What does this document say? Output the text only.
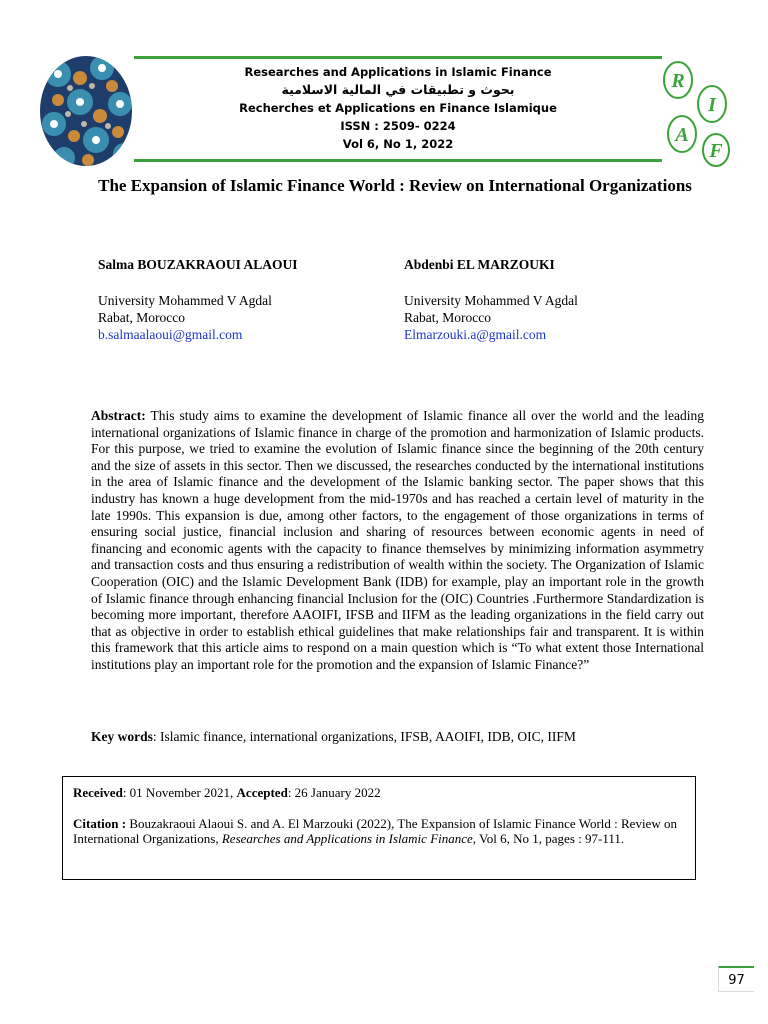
Researches and Applications in Islamic Finance
بحوث و تطبيقات في المالية الاسلامية
Recherches et Applications en Finance Islamique
ISSN : 2509- 0224
Vol 6, No 1, 2022
R
I
A
F
The Expansion of Islamic Finance World : Review on International Organizations
Salma BOUZAKRAOUI ALAOUI
University Mohammed V Agdal
Rabat, Morocco
b.salmaalaoui@gmail.com
Abdenbi EL MARZOUKI
University Mohammed V Agdal
Rabat, Morocco
Elmarzouki.a@gmail.com
Abstract: This study aims to examine the development of Islamic finance all over the world and the leading international organizations of Islamic finance in charge of the promotion and harmonization of Islamic products. For this purpose, we tried to examine the evolution of Islamic finance since the beginning of the 20th century and the size of assets in this sector. Then we discussed, the researches conducted by the international institutions in the area of Islamic finance and the development of the Islamic banking sector. The paper shows that this industry has known a huge development from the mid-1970s and has reached a certain level of maturity in the late 1990s. This expansion is due, among other factors, to the engagement of those organizations in terms of ensuring social justice, financial inclusion and sharing of resources between economic agents in need of financing and economic agents with the capacity to finance themselves by minimizing information asymmetry and transaction costs and thus ensuring a redistribution of wealth within the society. The Organization of Islamic Cooperation (OIC) and the Islamic Development Bank (IDB) for example, play an important role in the growth of Islamic finance through enhancing financial Inclusion for the (OIC) Countries .Furthermore Standardization is becoming more important, therefore AAOIFI, IFSB and IIFM as the leading organizations in the field carry out that as objective in order to establish ethical guidelines that make relationships fair and transparent. It is within this framework that this article aims to respond on a main question which is “To what extent those International institutions play an important role for the promotion and the expansion of Islamic Finance?”
Key words: Islamic finance, international organizations, IFSB, AAOIFI, IDB, OIC, IIFM
Received: 01 November 2021, Accepted: 26 January 2022
Citation : Bouzakraoui Alaoui S. and A. El Marzouki (2022), The Expansion of Islamic Finance World : Review on International Organizations, Researches and Applications in Islamic Finance, Vol 6, No 1, pages : 97-111.
97
